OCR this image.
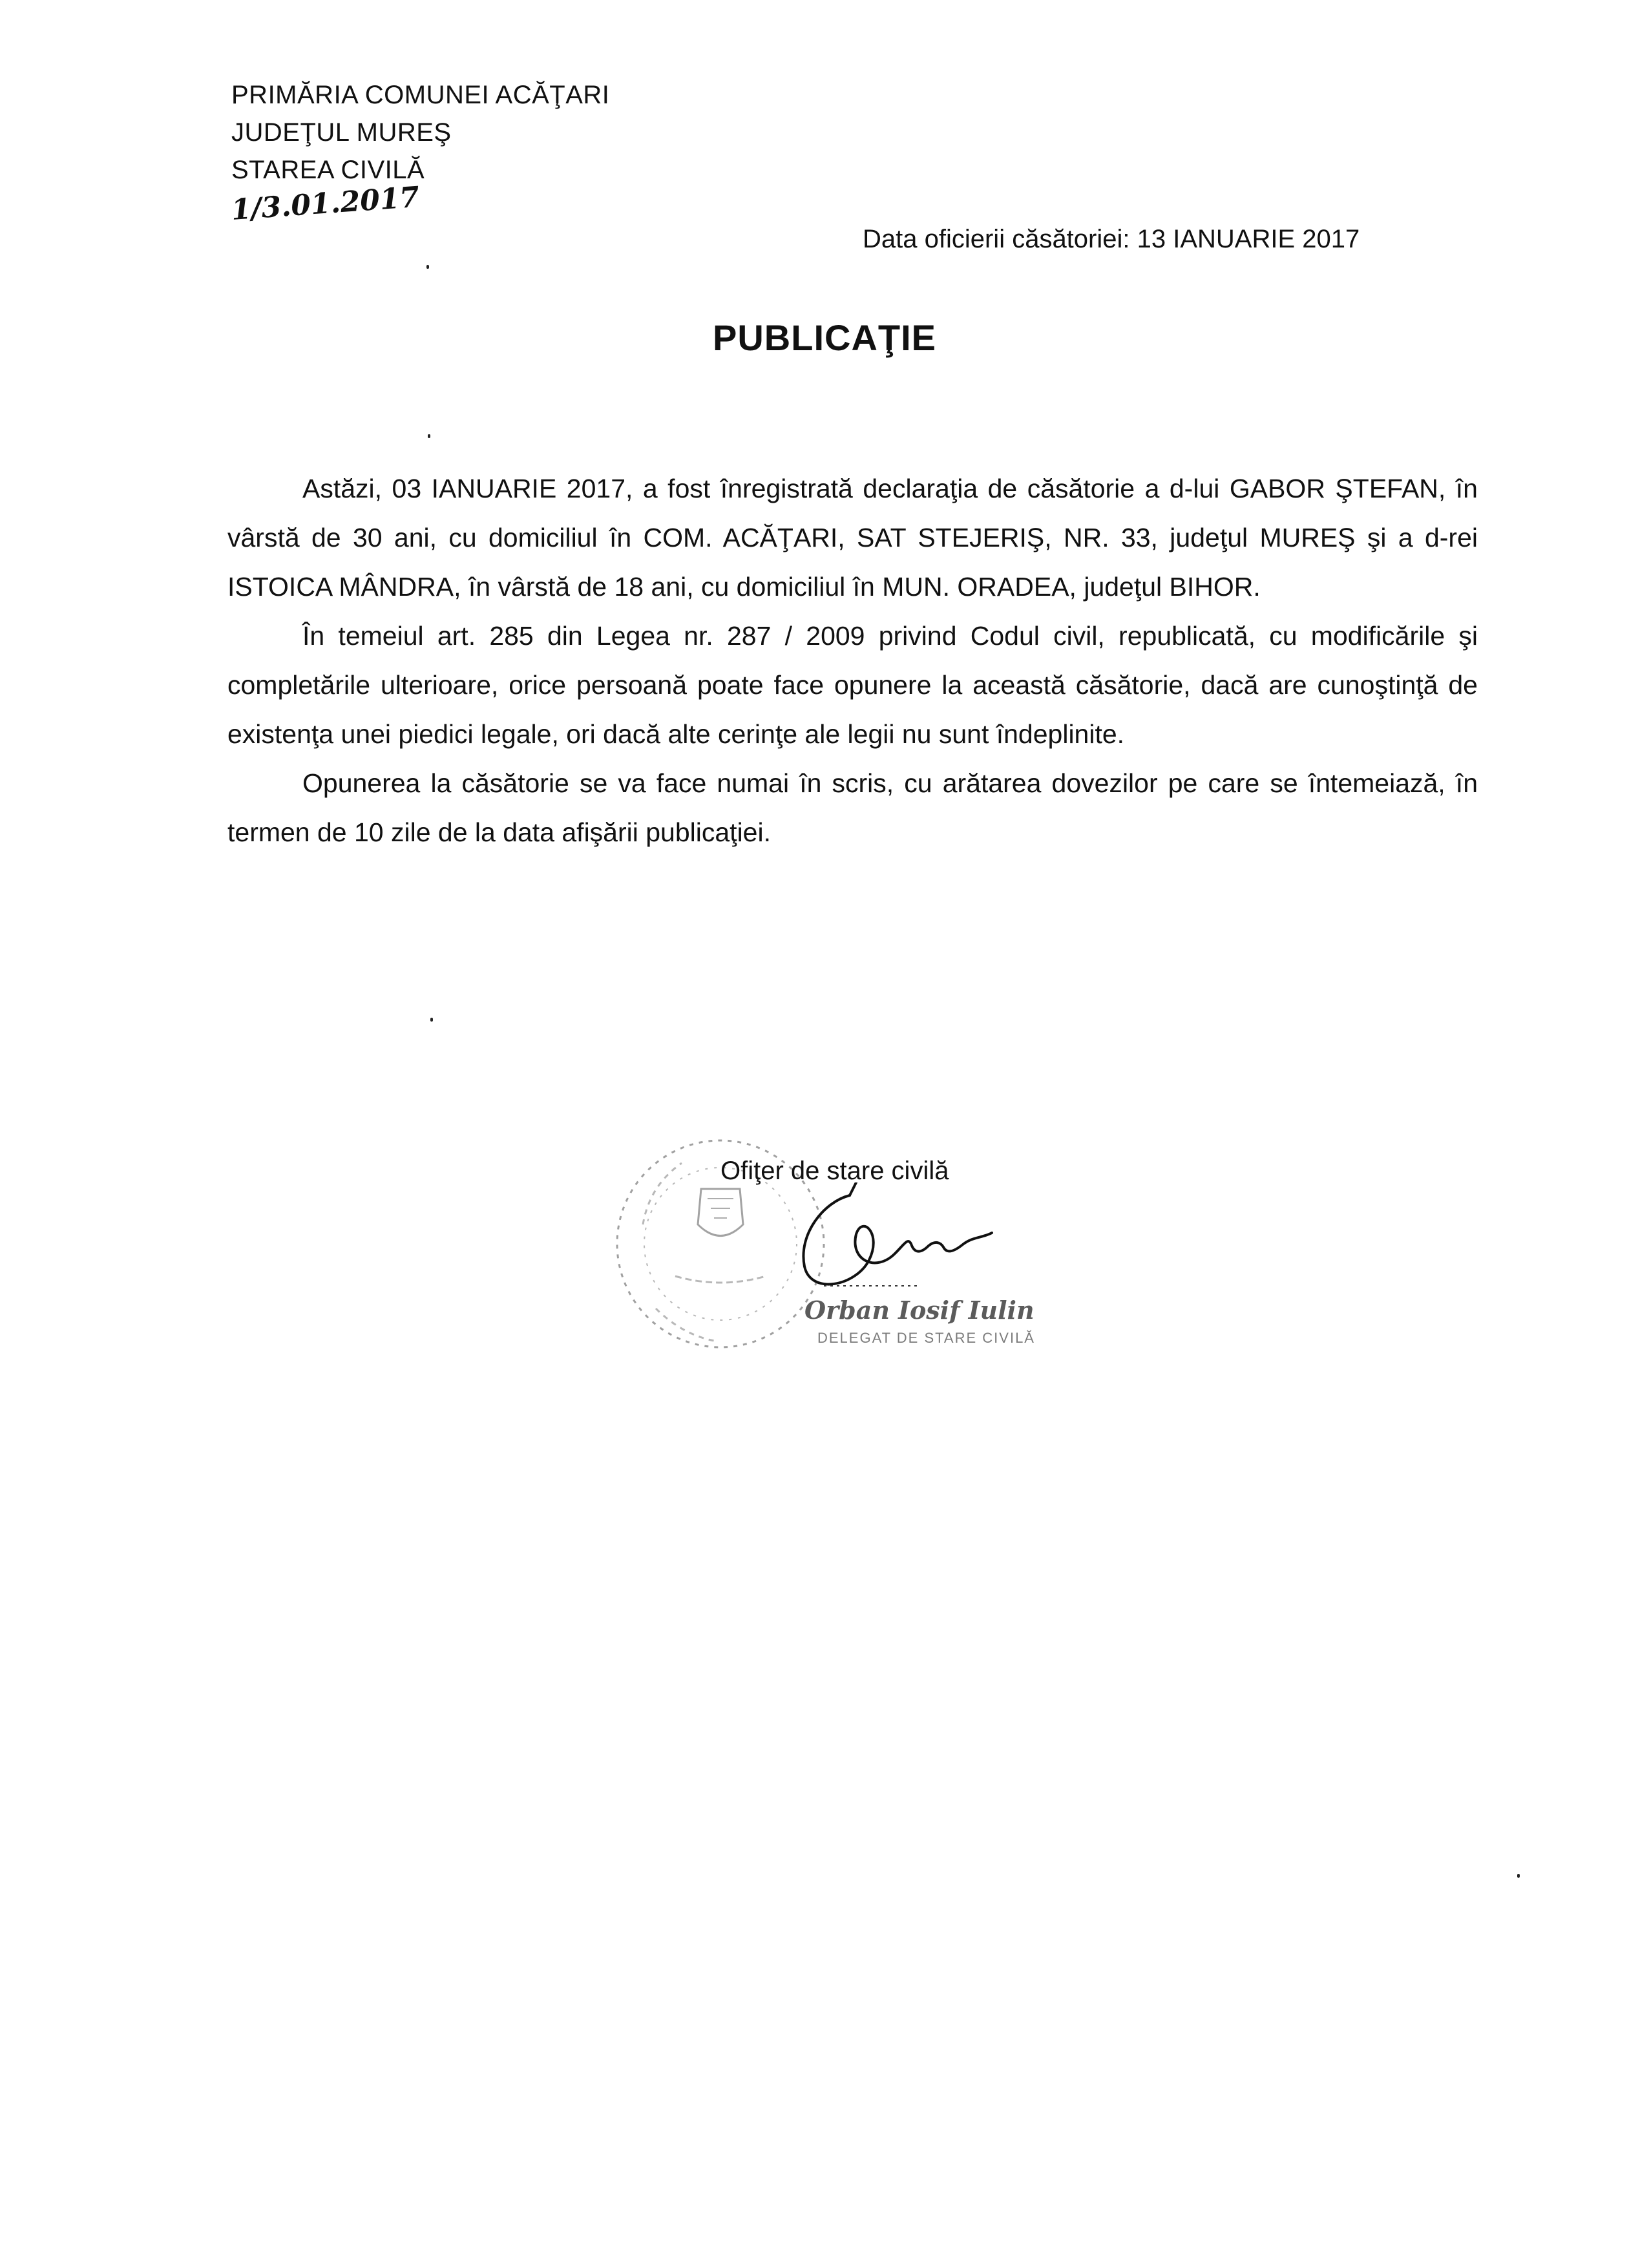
PRIMĂRIA COMUNEI ACĂŢARI
JUDEŢUL MUREŞ
STAREA CIVILĂ
1/3.01.2017
Data oficierii căsătoriei: 13 IANUARIE 2017
PUBLICAŢIE

Astăzi, 03 IANUARIE 2017, a fost înregistrată declaraţia de căsătorie a d-lui GABOR ŞTEFAN, în vârstă de 30 ani, cu domiciliul în COM. ACĂŢARI, SAT STEJERIŞ, NR. 33, judeţul MUREŞ şi a d-rei ISTOICA MÂNDRA, în vârstă de 18 ani, cu domiciliul în MUN. ORADEA, judeţul BIHOR.

În temeiul art. 285 din Legea nr. 287 / 2009 privind Codul civil, republicată, cu modificările şi completările ulterioare, orice persoană poate face opunere la această căsătorie, dacă are cunoştinţă de existenţa unei piedici legale, ori dacă alte cerinţe ale legii nu sunt îndeplinite.

Opunerea la căsătorie se va face numai în scris, cu arătarea dovezilor pe care se întemeiază, în termen de 10 zile de la data afişării publicaţiei.

Ofiţer de stare civilă
Orban Iosif Iulin
DELEGAT DE STARE CIVILĂ
